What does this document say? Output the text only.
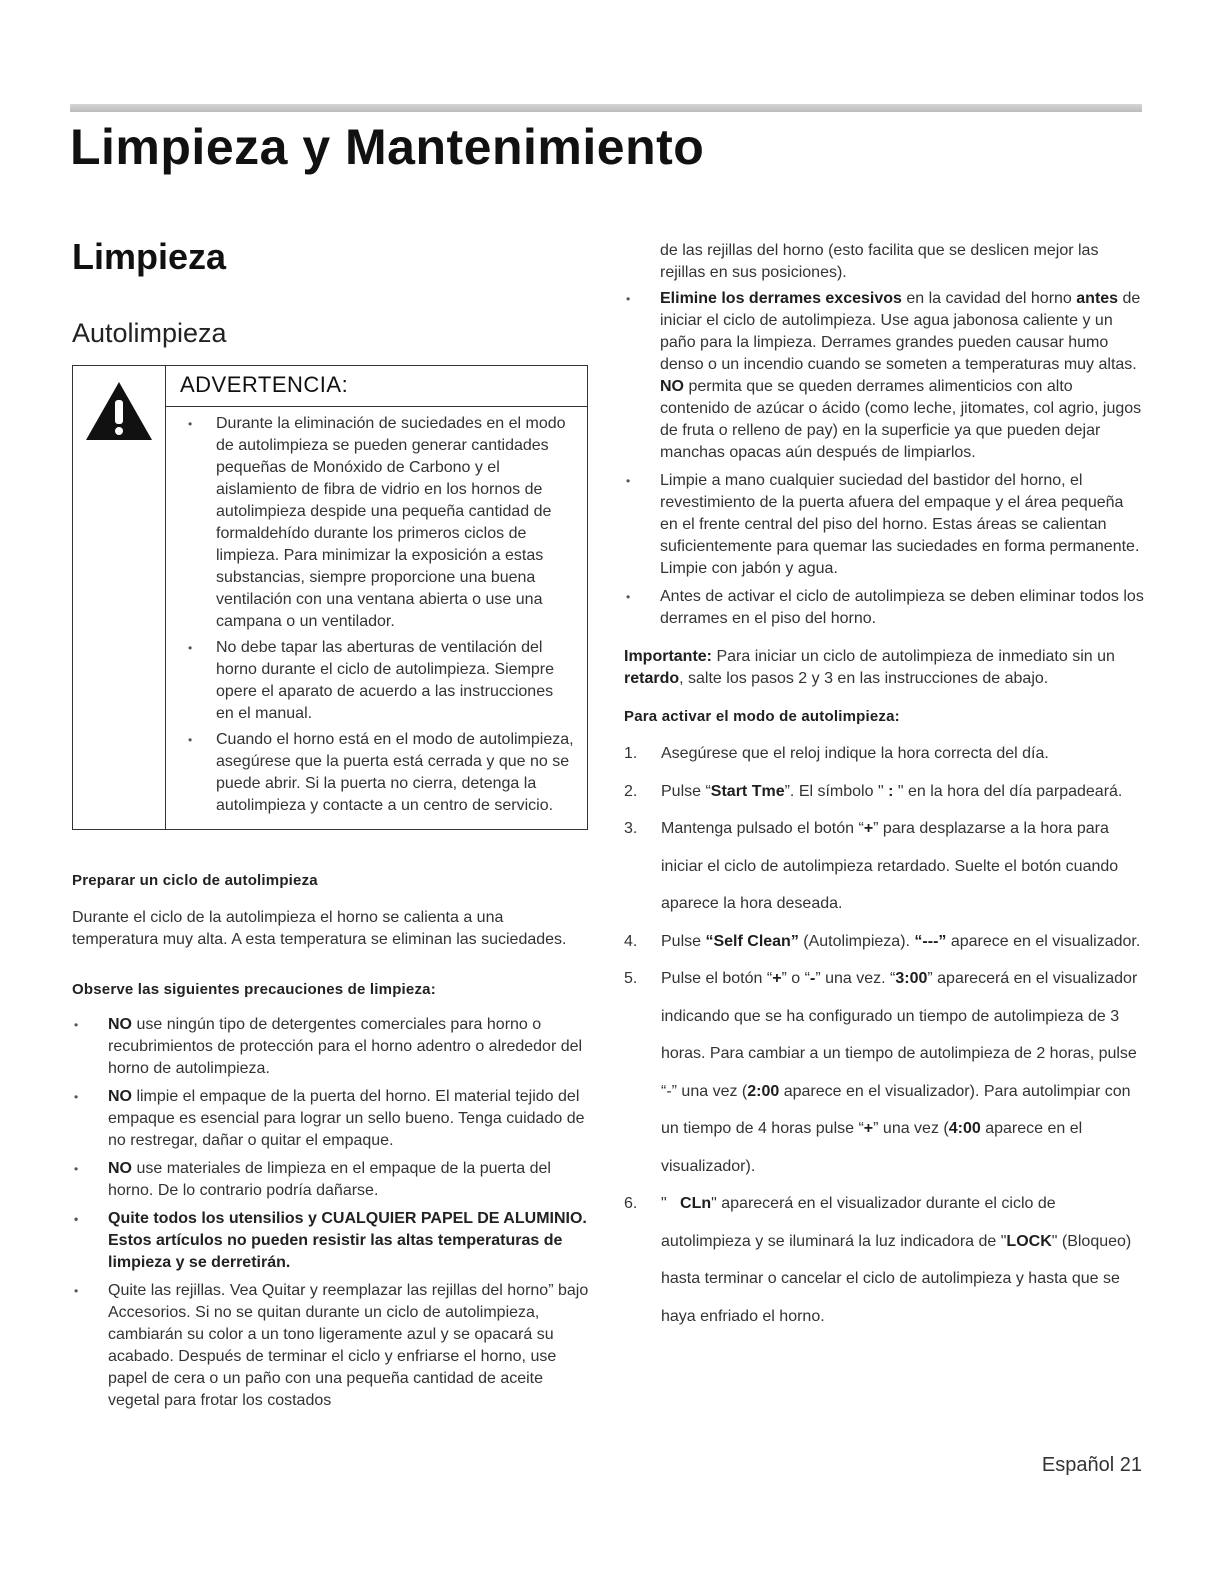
Limpieza y Mantenimiento
Limpieza
Autolimpieza
ADVERTENCIA:
• Durante la eliminación de suciedades en el modo de autolimpieza se pueden generar cantidades pequeñas de Monóxido de Carbono y el aislamiento de fibra de vidrio en los hornos de autolimpieza despide una pequeña cantidad de formaldehído durante los primeros ciclos de limpieza. Para minimizar la exposición a estas substancias, siempre proporcione una buena ventilación con una ventana abierta o use una campana o un ventilador.
• No debe tapar las aberturas de ventilación del horno durante el ciclo de autolimpieza. Siempre opere el aparato de acuerdo a las instrucciones en el manual.
• Cuando el horno está en el modo de autolimpieza, asegúrese que la puerta está cerrada y que no se puede abrir. Si la puerta no cierra, detenga la autolimpieza y contacte a un centro de servicio.

Preparar un ciclo de autolimpieza

Durante el ciclo de la autolimpieza el horno se calienta a una temperatura muy alta. A esta temperatura se eliminan las suciedades.

Observe las siguientes precauciones de limpieza:

• NO use ningún tipo de detergentes comerciales para horno o recubrimientos de protección para el horno adentro o alrededor del horno de autolimpieza.
• NO limpie el empaque de la puerta del horno. El material tejido del empaque es esencial para lograr un sello bueno. Tenga cuidado de no restregar, dañar o quitar el empaque.
• NO use materiales de limpieza en el empaque de la puerta del horno. De lo contrario podría dañarse.
• Quite todos los utensilios y CUALQUIER PAPEL DE ALUMINIO. Estos artículos no pueden resistir las altas temperaturas de limpieza y se derretirán.
• Quite las rejillas. Vea Quitar y reemplazar las rejillas del horno” bajo Accesorios. Si no se quitan durante un ciclo de autolimpieza, cambiarán su color a un tono ligeramente azul y se opacará su acabado. Después de terminar el ciclo y enfriarse el horno, use papel de cera o un paño con una pequeña cantidad de aceite vegetal para frotar los costados

de las rejillas del horno (esto facilita que se deslicen mejor las rejillas en sus posiciones).

• Elimine los derrames excesivos en la cavidad del horno antes de iniciar el ciclo de autolimpieza. Use agua jabonosa caliente y un paño para la limpieza. Derrames grandes pueden causar humo denso o un incendio cuando se someten a temperaturas muy altas. NO permita que se queden derrames alimenticios con alto contenido de azúcar o ácido (como leche, jitomates, col agrio, jugos de fruta o relleno de pay) en la superficie ya que pueden dejar manchas opacas aún después de limpiarlos.
• Limpie a mano cualquier suciedad del bastidor del horno, el revestimiento de la puerta afuera del empaque y el área pequeña en el frente central del piso del horno. Estas áreas se calientan suficientemente para quemar las suciedades en forma permanente. Limpie con jabón y agua.
• Antes de activar el ciclo de autolimpieza se deben eliminar todos los derrames en el piso del horno.

Importante: Para iniciar un ciclo de autolimpieza de inmediato sin un retardo, salte los pasos 2 y 3 en las instrucciones de abajo.

Para activar el modo de autolimpieza:

1. Asegúrese que el reloj indique la hora correcta del día.
2. Pulse “Start Tme”. El símbolo " : " en la hora del día parpadeará.
3. Mantenga pulsado el botón “+” para desplazarse a la hora para iniciar el ciclo de autolimpieza retardado. Suelte el botón cuando aparece la hora deseada.
4. Pulse “Self Clean” (Autolimpieza). “---” aparece en el visualizador.
5. Pulse el botón “+” o “-” una vez. “3:00” aparecerá en el visualizador indicando que se ha configurado un tiempo de autolimpieza de 3 horas. Para cambiar a un tiempo de autolimpieza de 2 horas, pulse “-” una vez (2:00 aparece en el visualizador). Para autolimpiar con un tiempo de 4 horas pulse “+” una vez (4:00 aparece en el visualizador).
6. "   CLn" aparecerá en el visualizador durante el ciclo de autolimpieza y se iluminará la luz indicadora de "LOCK" (Bloqueo) hasta terminar o cancelar el ciclo de autolimpieza y hasta que se haya enfriado el horno.
Español 21
